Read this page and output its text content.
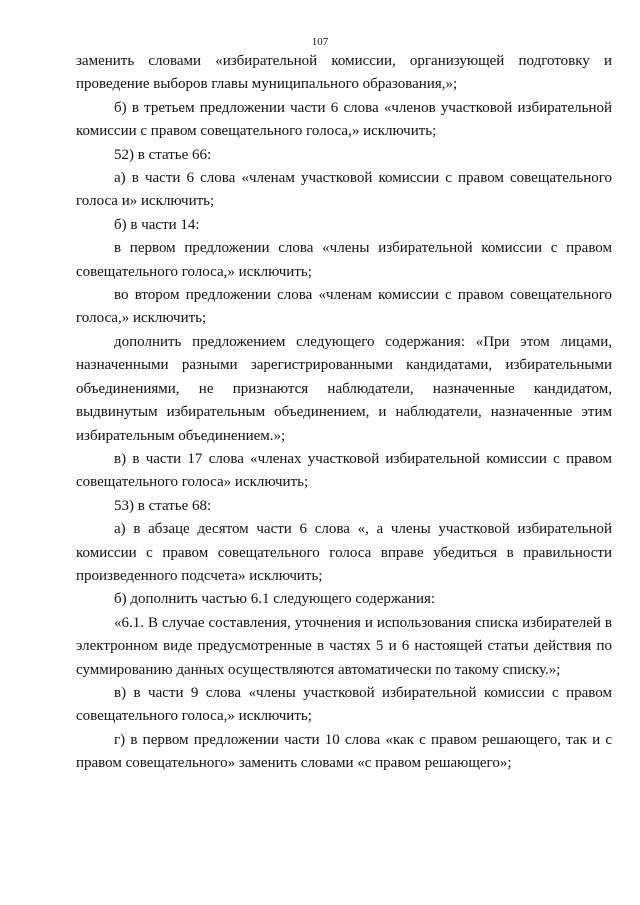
107

заменить словами «избирательной комиссии, организующей подготовку и проведение выборов главы муниципального образования,»;

б) в третьем предложении части 6 слова «членов участковой избирательной комиссии с правом совещательного голоса,» исключить;

52) в статье 66:

а) в части 6 слова «членам участковой комиссии с правом совещательного голоса и» исключить;

б) в части 14:

в первом предложении слова «члены избирательной комиссии с правом совещательного голоса,» исключить;

во втором предложении слова «членам комиссии с правом совещательного голоса,» исключить;

дополнить предложением следующего содержания: «При этом лицами, назначенными разными зарегистрированными кандидатами, избирательными объединениями, не признаются наблюдатели, назначенные кандидатом, выдвинутым избирательным объединением, и наблюдатели, назначенные этим избирательным объединением.»;

в) в части 17 слова «членах участковой избирательной комиссии с правом совещательного голоса» исключить;

53) в статье 68:

а) в абзаце десятом части 6 слова «, а члены участковой избирательной комиссии с правом совещательного голоса вправе убедиться в правильности произведенного подсчета» исключить;

б) дополнить частью 6.1 следующего содержания:

«6.1. В случае составления, уточнения и использования списка избирателей в электронном виде предусмотренные в частях 5 и 6 настоящей статьи действия по суммированию данных осуществляются автоматически по такому списку.»;

в) в части 9 слова «члены участковой избирательной комиссии с правом совещательного голоса,» исключить;

г) в первом предложении части 10 слова «как с правом решающего, так и с правом совещательного» заменить словами «с правом решающего»;
